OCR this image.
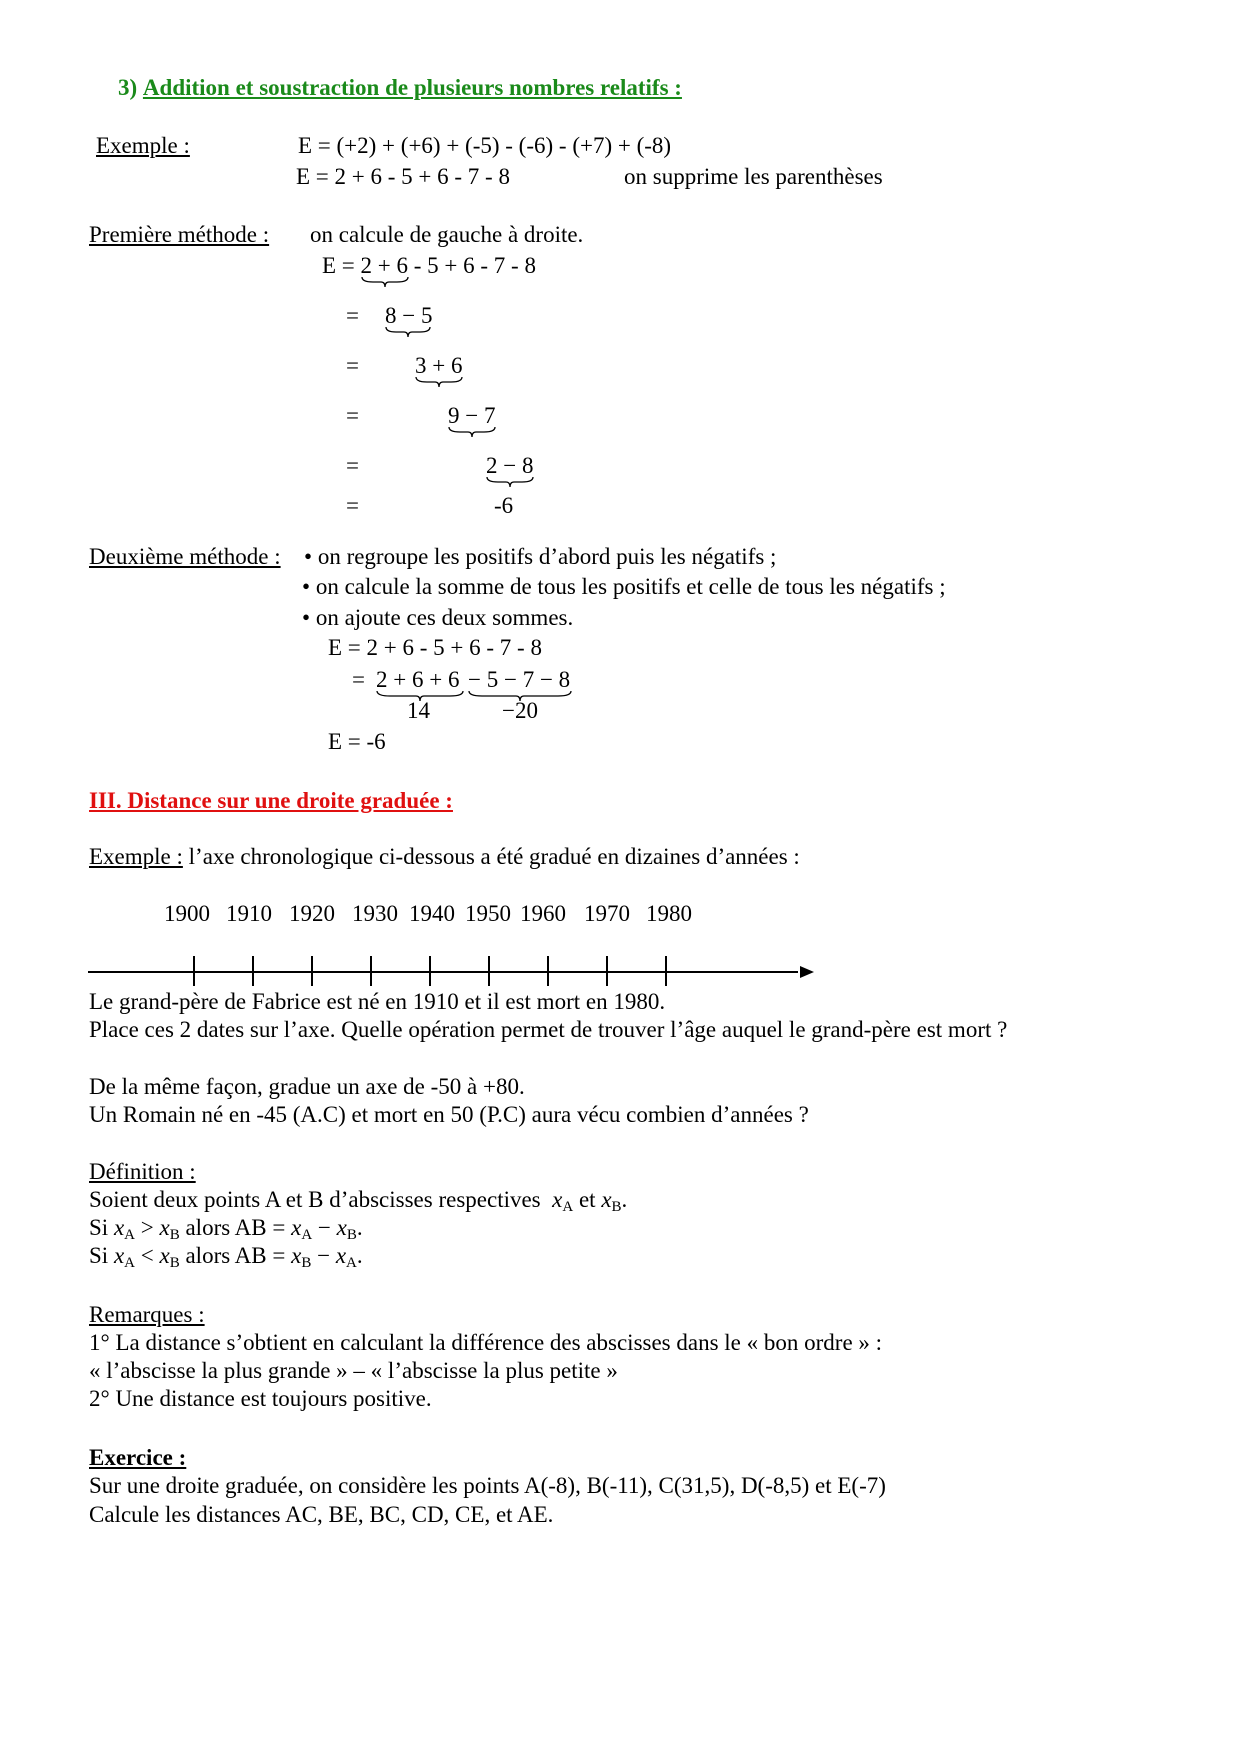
3) Addition et soustraction de plusieurs nombres relatifs :
Exemple :	E = (+2) + (+6) + (-5) - (-6) - (+7) + (-8)
E = 2 + 6 - 5 + 6 - 7 - 8	on supprime les parenthèses
Première méthode : on calcule de gauche à droite.
E = 2 + 6 - 5 + 6 - 7 - 8
= 8 − 5
= 3 + 6
=	9 − 7
=	2 − 8
=	-6
Deuxième méthode : • on regroupe les positifs d’abord puis les négatifs ;
• on calcule la somme de tous les positifs et celle de tous les négatifs ;
• on ajoute ces deux sommes.
E = 2 + 6 - 5 + 6 - 7 - 8
= 2 + 6 + 6 − 5 − 7 − 8
14	−20
E = -6
III. Distance sur une droite graduée :
Exemple : l’axe chronologique ci-dessous a été gradué en dizaines d’années :
1900 1910 1920 1930 1940 1950 1960 1970 1980
Le grand-père de Fabrice est né en 1910 et il est mort en 1980.
Place ces 2 dates sur l’axe. Quelle opération permet de trouver l’âge auquel le grand-père est mort ?
De la même façon, gradue un axe de -50 à +80.
Un Romain né en -45 (A.C) et mort en 50 (P.C) aura vécu combien d’années ?
Définition :
Soient deux points A et B d’abscisses respectives $x_A$ et $x_B$.
Si $x_A > x_B$ alors AB = $x_A - x_B$.
Si $x_A < x_B$ alors AB = $x_B - x_A$.
Remarques :
1° La distance s’obtient en calculant la différence des abscisses dans le « bon ordre » :
« l’abscisse la plus grande » – « l’abscisse la plus petite »
2° Une distance est toujours positive.
Exercice :
Sur une droite graduée, on considère les points A(-8), B(-11), C(31,5), D(-8,5) et E(-7)
Calcule les distances AC, BE, BC, CD, CE, et AE.
